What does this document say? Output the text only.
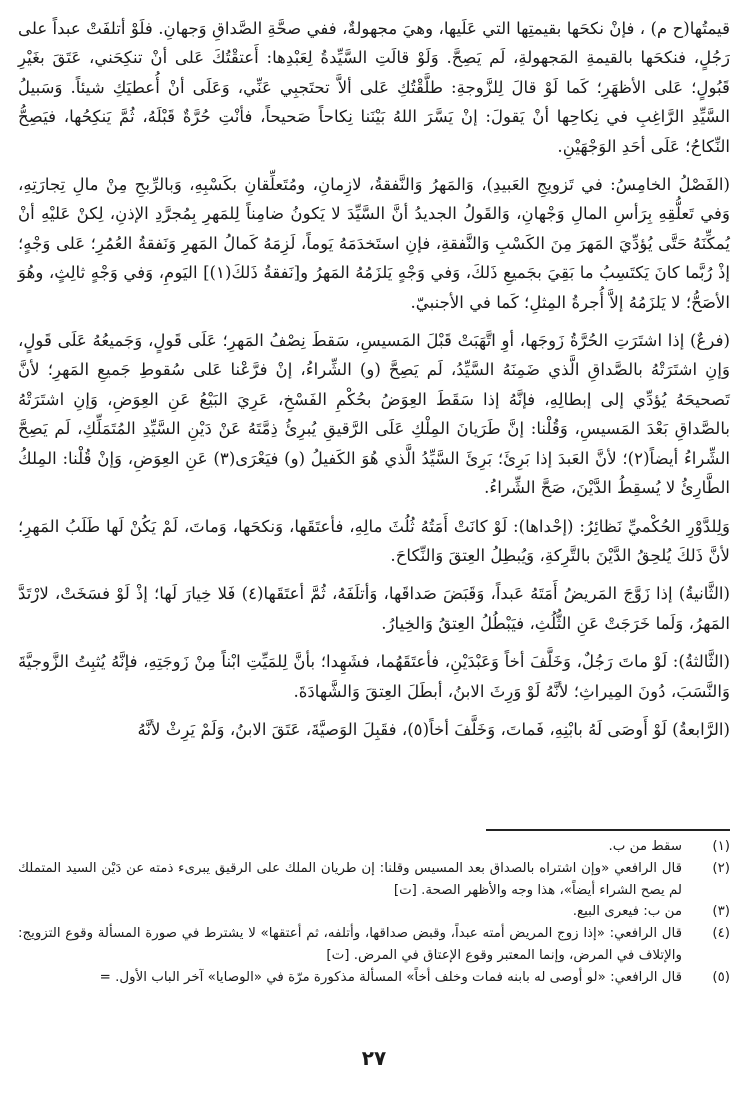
قيمتُها(ح م) ، فإنْ نكحَها بقيمتِها التي عَلَيها، وهيَ مجهولةٌ، ففي صحَّةِ الصَّداقِ وَجهانِ. فلَوْ أتلفَتْ عبداً على رَجُلٍ، فنكحَها بالقيمةِ المَجهولةِ، لَم يَصِحَّ. وَلَوْ قالَتِ السَّيِّدةُ لِعَبْدِها: أَعتقْتُكَ عَلى أنْ تنكِحَني، عَتَقَ بغَيْرِ قَبُولٍ؛ عَلى الأظهَرِ؛ كَما لَوْ قالَ لِلزَّوجةِ: طلَّقْتُكِ عَلى ألاَّ تحتَجبِي عَنِّي، وَعَلَى أنْ أُعطيَكِ شيئاً. وَسَبيلُ السَّيِّدِ الرَّاغِبِ في نِكاحِها أنْ يَقولَ: إنْ يَسَّرَ اللهُ بَيْنَنا نِكاحاً صَحيحاً، فأنْتِ حُرَّةٌ قَبْلَهُ، ثُمَّ يَنكِحُها، فيَصِحُّ النِّكاحُ؛ عَلَى أحَدِ الوَجْهَيْنِ.

(الفَصْلُ الخامِسُ: في تَزويجِ العَبيدِ)، وَالمَهرُ وَالنَّفقةُ، لازِمانِ، ومُتَعلِّقانِ بكَسْبِهِ، وَبالرِّبحِ مِنْ مالِ تِجارَتِهِ، وَفي تَعلُّقِهِ بِرَأسِ المالِ وَجْهانِ، وَالقَولُ الجديدُ أنَّ السَّيِّدَ لا يَكونُ ضامِناً لِلمَهرِ بِمُجرَّدِ الإذنِ، لِكنْ عَليْهِ أنْ يُمكِّنَهُ حَتَّى يُؤدِّيَ المَهرَ مِنَ الكَسْبِ وَالنَّفقةِ، فإنِ استَخدَمَهُ يَوماً، لَزِمَهُ كَمالُ المَهرِ وَنَفقةُ العُمُرِ؛ عَلى وَجْهٍ؛ إذْ رُبَّما كانَ يَكتَسِبُ ما بَقِيَ بجَميعِ ذَلكَ، وَفي وَجْهٍ يَلزَمُهُ المَهرُ و[نَفقةُ ذَلكَ(١)] اليَومِ، وَفي وَجْهٍ ثالِثٍ، وهُوَ الأصَحُّ؛ لا يَلزَمُهُ إلاَّ أُجرةُ المِثلِ؛ كَما في الأجنبيّ.

(فرعٌ) إذا اشتَرَتِ الحُرَّةُ زَوجَها، أوِ اتَّهَبَتْ قَبْلَ المَسيسِ، سَقطَ نِصْفُ المَهرِ؛ عَلَى قَولٍ، وَجَميعُهُ عَلَى قَولٍ، وَإنِ اشتَرَتْهُ بالصَّداقِ الَّذي ضَمِنَهُ السَّيِّدُ، لَم يَصِحَّ (و) الشِّراءُ، إنْ فرَّعْنا عَلى سُقوطِ جَميعِ المَهرِ؛ لأنَّ تَصحيحَهُ يُؤدِّي إلى إبطالِهِ، فإنَّهُ إذا سَقَطَ العِوَضُ بحُكْمِ الفَسْخِ، عَرِيَ البَيْعُ عَنِ العِوَضِ، وَإنِ اشتَرَتْهُ بالصَّداقِ بَعْدَ المَسيسِ، وَقُلْنا: إنَّ طَرَيانَ المِلْكِ عَلَى الرَّقيقِ يُبرِئُ ذِمَّتَهُ عَنْ دَيْنِ السَّيِّدِ المُتَمَلِّكِ، لَم يَصِحَّ الشِّراءُ أيضاً(٢)؛ لأنَّ العَبدَ إذا بَرِئَ؛ بَرِئَ السَّيِّدُ الَّذي هُوَ الكَفيلُ (و) فيَعْرَى(٣) عَنِ العِوَضِ، وَإنْ قُلْنا: المِلكُ الطَّارِئُ لا يُسقِطُ الدَّيْنَ، صَحَّ الشِّراءُ.

وَلِلدَّوْرِ الحُكْميِّ نَظائِرُ: (إحْداها): لَوْ كانَتْ أَمَتُهُ ثُلُثَ مالِهِ، فأعتَقَها، وَنكحَها، وَماتَ، لَمْ يَكُنْ لَها طَلَبُ المَهرِ؛ لأنَّ ذَلكَ يُلحِقُ الدَّيْنَ بالتَّرِكةِ، وَيُبطِلُ العِتقَ وَالنِّكاحَ.

(الثَّانيةُ) إذا زَوَّجَ المَريضُ أَمَتَهُ عَبداً، وَقَبَضَ صَداقَها، وَأتلَفَهُ، ثُمَّ أعتَقَها(٤) فَلا خِيارَ لَها؛ إذْ لَوْ فسَخَتْ، لارْتَدَّ المَهرُ، وَلَما خَرَجَتْ عَنِ الثُّلُثِ، فيَبْطُلُ العِتقُ وَالخِيارُ.

(الثَّالثةُ): لَوْ ماتَ رَجُلٌ، وَخَلَّفَ أخاً وَعَبْدَيْنِ، فأعتَقَهُما، فشَهِدا؛ بأنَّ لِلمَيِّتِ ابْناً مِنْ زَوجَتِهِ، فإنَّهُ يُثبِتُ الزَّوجيَّةَ وَالنَّسَبَ، دُونَ المِيراثِ؛ لأنَّهُ لَوْ وَرِثَ الابنُ، أبطَلَ العِتقَ وَالشَّهادَةَ.

(الرَّابعةُ) لَوْ أَوصَى لَهُ بابْنِهِ، فَماتَ، وَخَلَّفَ أخاً(٥)، فقَبِلَ الوَصيَّةَ، عَتَقَ الابنُ، وَلَمْ يَرِثْ لأنَّهُ

(١)
سقط من ب.
(٢)
قال الرافعي «وإن اشتراه بالصداق بعد المسيس وقلنا: إن طريان الملك على الرقيق يبرىء ذمته عن دَيْن السيد المتملك لم يصح الشراء أيضاً»، هذا وجه والأظهر الصحة. [ت]
(٣)
من ب: فيعرى البيع.
(٤)
قال الرافعي: «إذا زوج المريض أمته عبداً، وقبض صداقها، وأتلفه، ثم أعتقها» لا يشترط في صورة المسألة وقوع التزويج: والإتلاف في المرض، وإنما المعتبر وقوع الإعتاق في المرض. [ت]
(٥)
قال الرافعي: «لو أوصى له بابنه فمات وخلف أخاً» المسألة مذكورة مرّة في «الوصايا» آخر الباب الأول. =
٢٧
